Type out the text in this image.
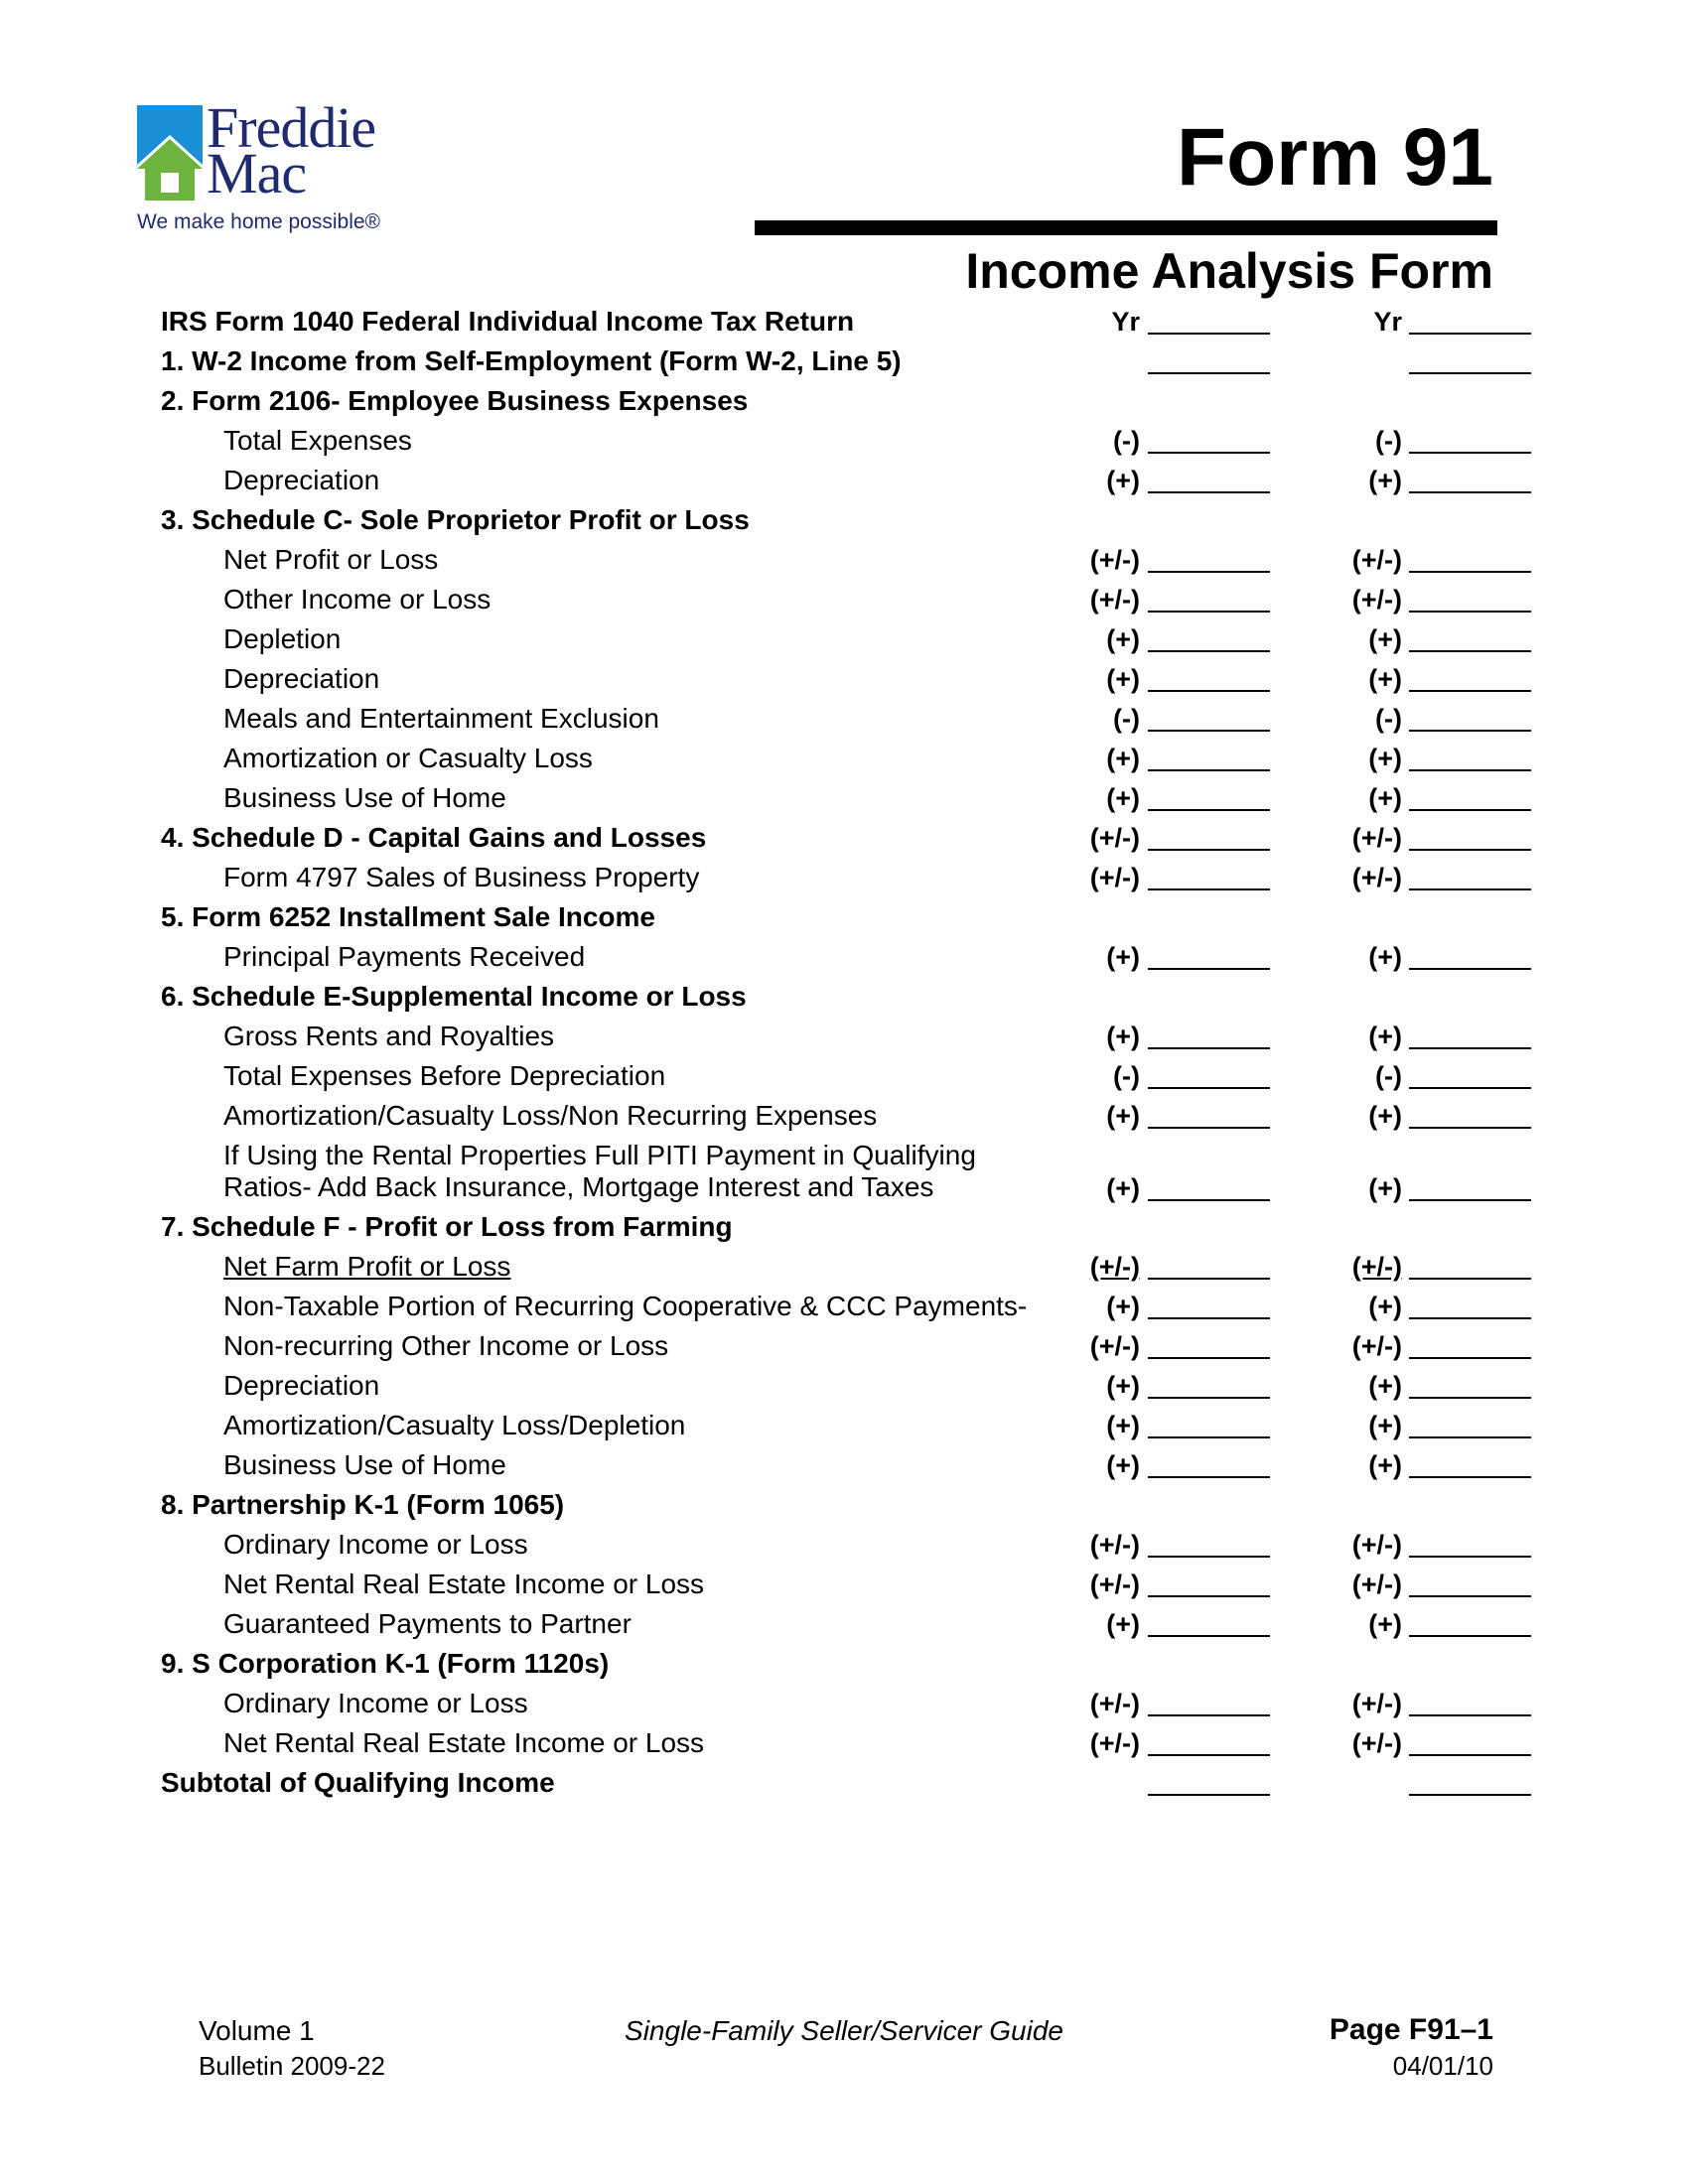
Freddie
Mac
We make home possible®
Form 91
Income Analysis Form
IRS Form 1040 Federal Individual Income Tax Return	Yr	Yr
1. W-2 Income from Self-Employment (Form W-2, Line 5)
2. Form 2106- Employee Business Expenses
Total Expenses	(-)	(-)
Depreciation	(+)	(+)
3. Schedule C- Sole Proprietor Profit or Loss
Net Profit or Loss	(+/-)	(+/-)
Other Income or Loss	(+/-)	(+/-)
Depletion	(+)	(+)
Depreciation	(+)	(+)
Meals and Entertainment Exclusion	(-)	(-)
Amortization or Casualty Loss	(+)	(+)
Business Use of Home	(+)	(+)
4. Schedule D - Capital Gains and Losses	(+/-)	(+/-)
Form 4797 Sales of Business Property	(+/-)	(+/-)
5. Form 6252 Installment Sale Income
Principal Payments Received	(+)	(+)
6. Schedule E-Supplemental Income or Loss
Gross Rents and Royalties	(+)	(+)
Total Expenses Before Depreciation	(-)	(-)
Amortization/Casualty Loss/Non Recurring Expenses	(+)	(+)
If Using the Rental Properties Full PITI Payment in Qualifying Ratios- Add Back Insurance, Mortgage Interest and Taxes	(+)	(+)
7. Schedule F - Profit or Loss from Farming
Net Farm Profit or Loss	(+/-)	(+/-)
Non-Taxable Portion of Recurring Cooperative & CCC Payments-	(+)	(+)
Non-recurring Other Income or Loss	(+/-)	(+/-)
Depreciation	(+)	(+)
Amortization/Casualty Loss/Depletion	(+)	(+)
Business Use of Home	(+)	(+)
8. Partnership K-1 (Form 1065)
Ordinary Income or Loss	(+/-)	(+/-)
Net Rental Real Estate Income or Loss	(+/-)	(+/-)
Guaranteed Payments to Partner	(+)	(+)
9. S Corporation K-1 (Form 1120s)
Ordinary Income or Loss	(+/-)	(+/-)
Net Rental Real Estate Income or Loss	(+/-)	(+/-)
Subtotal of Qualifying Income
Volume 1
Bulletin 2009-22
Single-Family Seller/Servicer Guide	Page F91–1
04/01/10
